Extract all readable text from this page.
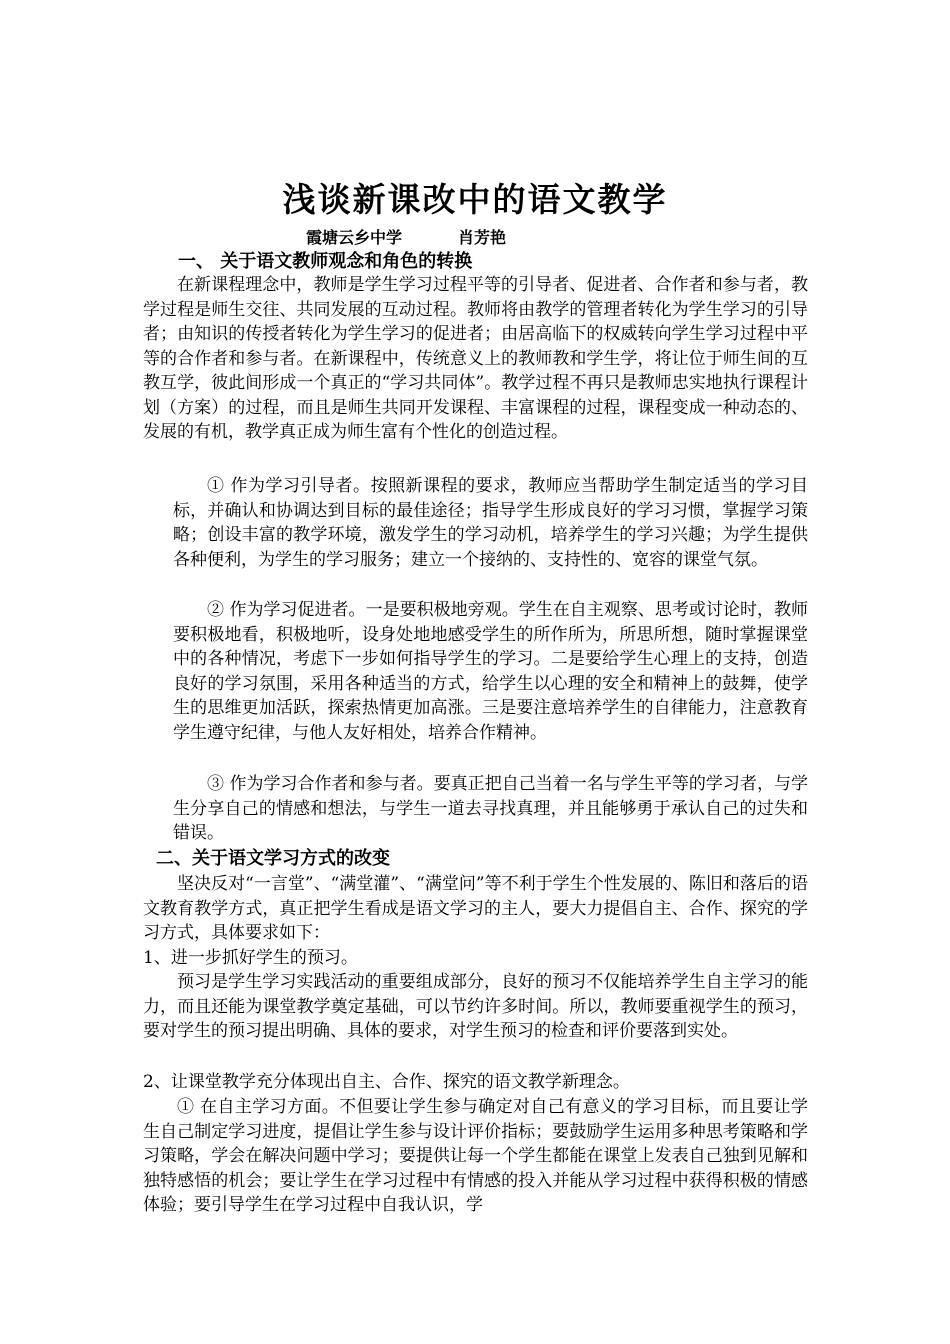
浅谈新课改中的语文教学
霞塘云乡中学	肖芳艳
一、 关于语文教师观念和角色的转换
在新课程理念中，教师是学生学习过程平等的引导者、促进者、合作者和参与者，教学过程是师生交往、共同发展的互动过程。教师将由教学的管理者转化为学生学习的引导者；由知识的传授者转化为学生学习的促进者；由居高临下的权威转向学生学习过程中平等的合作者和参与者。在新课程中，传统意义上的教师教和学生学，将让位于师生间的互教互学，彼此间形成一个真正的“学习共同体”。教学过程不再只是教师忠实地执行课程计划（方案）的过程，而且是师生共同开发课程、丰富课程的过程，课程变成一种动态的、发展的有机，教学真正成为师生富有个性化的创造过程。
① 作为学习引导者。按照新课程的要求，教师应当帮助学生制定适当的学习目标，并确认和协调达到目标的最佳途径；指导学生形成良好的学习习惯，掌握学习策略；创设丰富的教学环境，激发学生的学习动机，培养学生的学习兴趣；为学生提供各种便利，为学生的学习服务；建立一个接纳的、支持性的、宽容的课堂气氛。
② 作为学习促进者。一是要积极地旁观。学生在自主观察、思考或讨论时，教师要积极地看，积极地听，设身处地地感受学生的所作所为，所思所想，随时掌握课堂中的各种情况，考虑下一步如何指导学生的学习。二是要给学生心理上的支持，创造良好的学习氛围，采用各种适当的方式，给学生以心理的安全和精神上的鼓舞，使学生的思维更加活跃，探索热情更加高涨。三是要注意培养学生的自律能力，注意教育学生遵守纪律，与他人友好相处，培养合作精神。
③ 作为学习合作者和参与者。要真正把自己当着一名与学生平等的学习者，与学生分享自己的情感和想法，与学生一道去寻找真理，并且能够勇于承认自己的过失和错误。
二、关于语文学习方式的改变
坚决反对“一言堂”、“满堂灌”、“满堂问”等不利于学生个性发展的、陈旧和落后的语文教育教学方式，真正把学生看成是语文学习的主人，要大力提倡自主、合作、探究的学习方式，具体要求如下：
1、进一步抓好学生的预习。
预习是学生学习实践活动的重要组成部分，良好的预习不仅能培养学生自主学习的能力，而且还能为课堂教学奠定基础，可以节约许多时间。所以，教师要重视学生的预习，要对学生的预习提出明确、具体的要求，对学生预习的检查和评价要落到实处。
2、让课堂教学充分体现出自主、合作、探究的语文教学新理念。
① 在自主学习方面。不但要让学生参与确定对自己有意义的学习目标，而且要让学生自己制定学习进度，提倡让学生参与设计评价指标；要鼓励学生运用多种思考策略和学习策略，学会在解决问题中学习；要提供让每一个学生都能在课堂上发表自己独到见解和独特感悟的机会；要让学生在学习过程中有情感的投入并能从学习过程中获得积极的情感体验；要引导学生在学习过程中自我认识，学
